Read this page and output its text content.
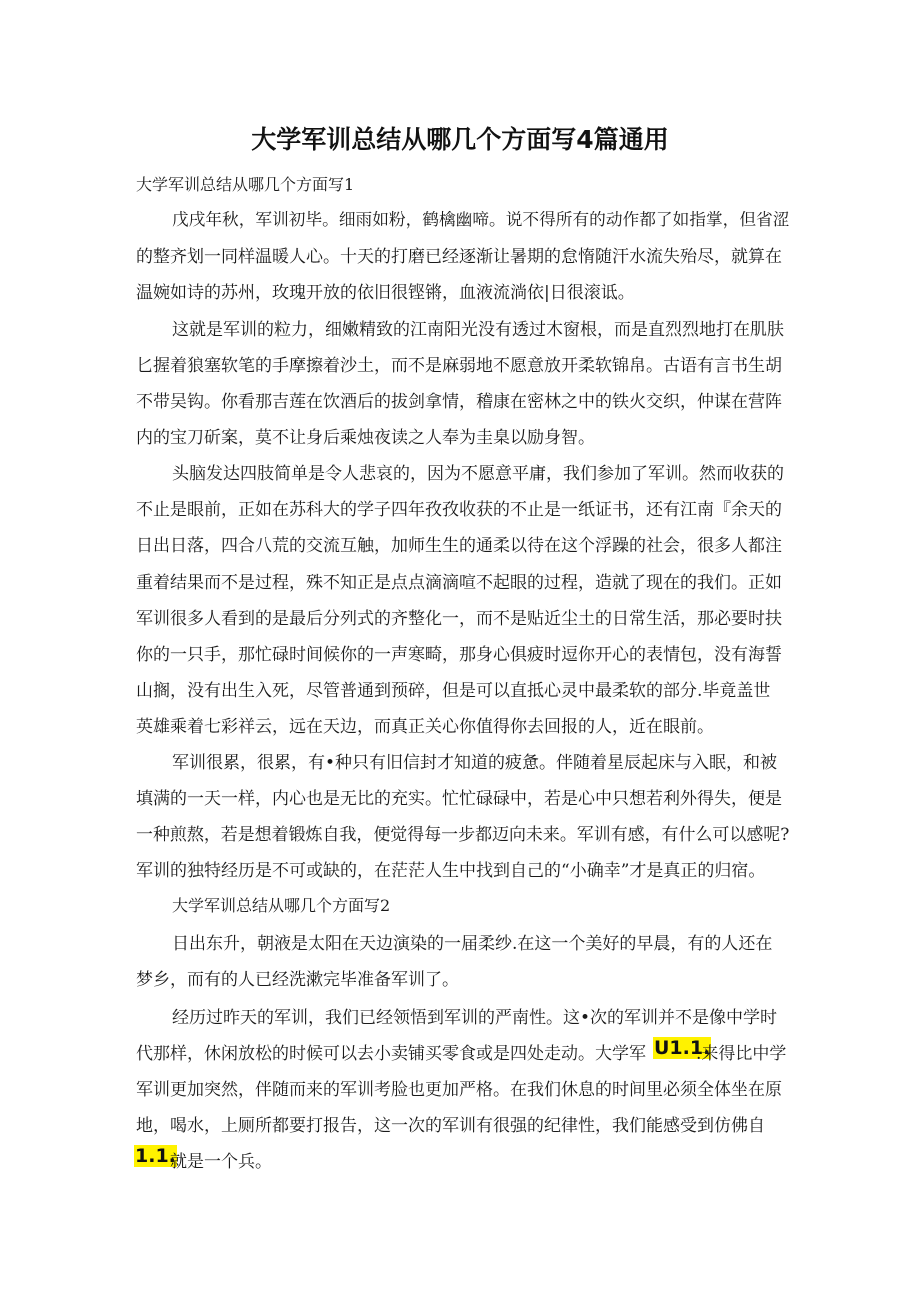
大学军训总结从哪几个方面写4篇通用
大学军训总结从哪几个方面写1
戊戌年秋，军训初毕。细雨如粉，鹤檎幽啼。说不得所有的动作都了如指掌，但省涩
的整齐划一同样温暖人心。十天的打磨已经逐渐让暑期的怠惰随汗水流失殆尽，就算在
温婉如诗的苏州，玫瑰开放的依旧很铿锵，血液流淌依|日很滚诋。
这就是军训的粒力，细嫩精致的江南阳光没有透过木窗根，而是直烈烈地打在肌肤
匕握着狼塞软笔的手摩擦着沙土，而不是麻弱地不愿意放开柔软锦帛。古语有言书生胡
不带吴钩。你看那吉莲在饮酒后的拔剑拿情，稽康在密林之中的铁火交织，仲谋在营阵
内的宝刀斫案，莫不让身后乘烛夜读之人奉为圭臬以励身智。
头脑发达四肢简单是令人悲哀的，因为不愿意平庸，我们参加了军训。然而收获的
不止是眼前，正如在苏科大的学子四年孜孜收获的不止是一纸证书，还有江南『余天的
日出日落，四合八荒的交流互触，加师生生的通柔以待在这个浮躁的社会，很多人都注
重着结果而不是过程，殊不知正是点点滴滴喧不起眼的过程，造就了现在的我们。正如
军训很多人看到的是最后分列式的齐整化一，而不是贴近尘土的日常生活，那必要时扶
你的一只手，那忙碌时间候你的一声寒畸，那身心俱疲时逗你开心的表情包，没有海誓
山搁，没有出生入死，尽管普通到预碎，但是可以直抵心灵中最柔软的部分.毕竟盖世
英雄乘着七彩祥云，远在天边，而真正关心你值得你去回报的人，近在眼前。
军训很累，很累，有•种只有旧信封才知道的疲惫。伴随着星辰起床与入眠，和被
填满的一天一样，内心也是无比的充实。忙忙碌碌中，若是心中只想若利外得失，便是
一种煎熬，若是想着锻炼自我，便觉得每一步都迈向未来。军训有感，有什么可以感呢?
军训的独特经历是不可或缺的，在茫茫人生中找到自己的“小确幸”才是真正的归宿。
大学军训总结从哪几个方面写2
日出东升，朝液是太阳在天边演染的一届柔纱.在这一个美好的早晨，有的人还在
梦乡，而有的人已经洗漱完毕准备军训了。
经历过昨天的军训，我们已经领悟到军训的严南性。这•次的军训并不是像中学时
代那样，休闲放松的时候可以去小卖铺买零食或是四处走动。大学军 U1.1.
.来得比中学
军训更加突然，伴随而来的军训考脸也更加严格。在我们休息的时间里必须全体坐在原
地，喝水，上厕所都要打报告，这一次的军训有很强的纪律性，我们能感受到仿佛自
1.1.
就是一个兵。
